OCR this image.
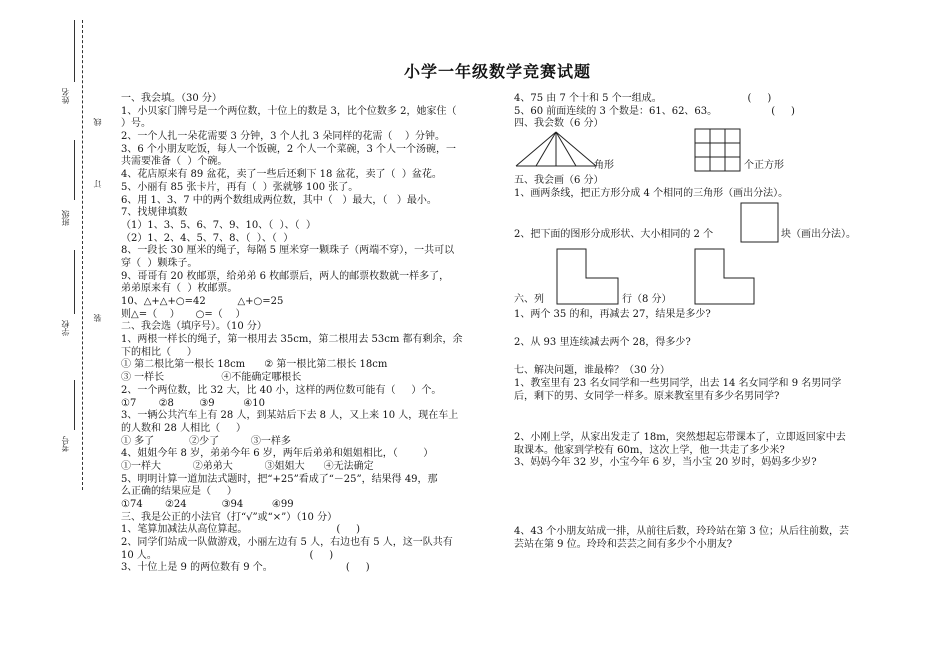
姓名
线
班级
订
学校
装
考号
小学一年级数学竞赛试题
一、我会填。（30 分）
1、小贝家门牌号是一个两位数，十位上的数是 3，比个位数多 2，她家住（
）号。
2、一个人扎一朵花需要 3 分钟，3 个人扎 3 朵同样的花需（    ）分钟。
3、6 个小朋友吃饭，每人一个饭碗，2 个人一个菜碗，3 个人一个汤碗，一
共需要准备（  ）个碗。
4、花店原来有 89 盆花，卖了一些后还剩下 18 盆花，卖了（  ）盆花。
5、小丽有 85 张卡片，再有（  ）张就够 100 张了。
6、用 1、3、7 中的两个数组成两位数，其中（   ）最大，（   ）最小。
7、找规律填数
（1）1、3、5、6、7、9、10、（  ）、（  ）
（2）1、2、4、5、7、8、（  ）、（  ）
8、一段长 30 厘米的绳子，每隔 5 厘米穿一颗珠子（两端不穿），一共可以
穿（  ）颗珠子。
9、哥哥有 20 枚邮票，给弟弟 6 枚邮票后，两人的邮票枚数就一样多了，
弟弟原来有（  ）枚邮票。
10、△+△+○=42          △+○=25
则△=（    ）     ○=（    ）
二、我会选（填序号）。（10 分）
1、两根一样长的绳子，第一根用去 35cm，第二根用去 53cm 都有剩余，余
下的相比（     ）
① 第二根比第一根长 18cm      ② 第一根比第二根长 18cm
③ 一样长                  ④不能确定哪根长
2、一个两位数，比 32 大，比 40 小，这样的两位数可能有（     ）个。
①7       ②8        ③9         ④10
3、一辆公共汽车上有 28 人，到某站后下去 8 人，又上来 10 人，现在车上
的人数和 28 人相比（     ）
① 多了           ②少了          ③一样多
4、姐姐今年 8 岁，弟弟今年 6 岁，两年后弟弟和姐姐相比，（        ）
①一样大          ②弟弟大          ③姐姐大      ④无法确定
5、明明计算一道加法式题时，把“+25”看成了“－25”，结果得 49，那
么正确的结果应是（     ）
①74       ②24           ③94         ④99
三、我是公正的小法官（打“√”或“×”）（10 分）
1、笔算加减法从高位算起。                            (     )
2、同学们站成一队做游戏，小丽左边有 5 人，右边也有 5 人，这一队共有
10 人。                                                (     )
3、十位上是 9 的两位数有 9 个。                       (     )
4、75 由 7 个十和 5 个一组成。                           (     )
5、60 前面连续的 3 个数是：61、62、63。                 (     )
四、我会数（6 分）
角形	个正方形
五、我会画（6 分）
1、画两条线，把正方形分成 4 个相同的三角形（画出分法）。
2、把下面的图形分成形状、大小相同的 2 个	块（画出分法）。
六、列	行（8 分）
1、两个 35 的和，再减去 27，结果是多少?
2、从 93 里连续减去两个 28，得多少?
七、解决问题，谁最棒？（30 分）
1、教室里有 23 名女同学和一些男同学，出去 14 名女同学和 9 名男同学
后，剩下的男、女同学一样多。原来教室里有多少名男同学?
2、小刚上学，从家出发走了 18m，突然想起忘带课本了，立即返回家中去
取课本。他家到学校有 60m，这次上学，他一共走了多少米?
3、妈妈今年 32 岁，小宝今年 6 岁，当小宝 20 岁时，妈妈多少岁?
4、43 个小朋友站成一排，从前往后数，玲玲站在第 3 位；从后往前数，芸
芸站在第 9 位。玲玲和芸芸之间有多少个小朋友?
